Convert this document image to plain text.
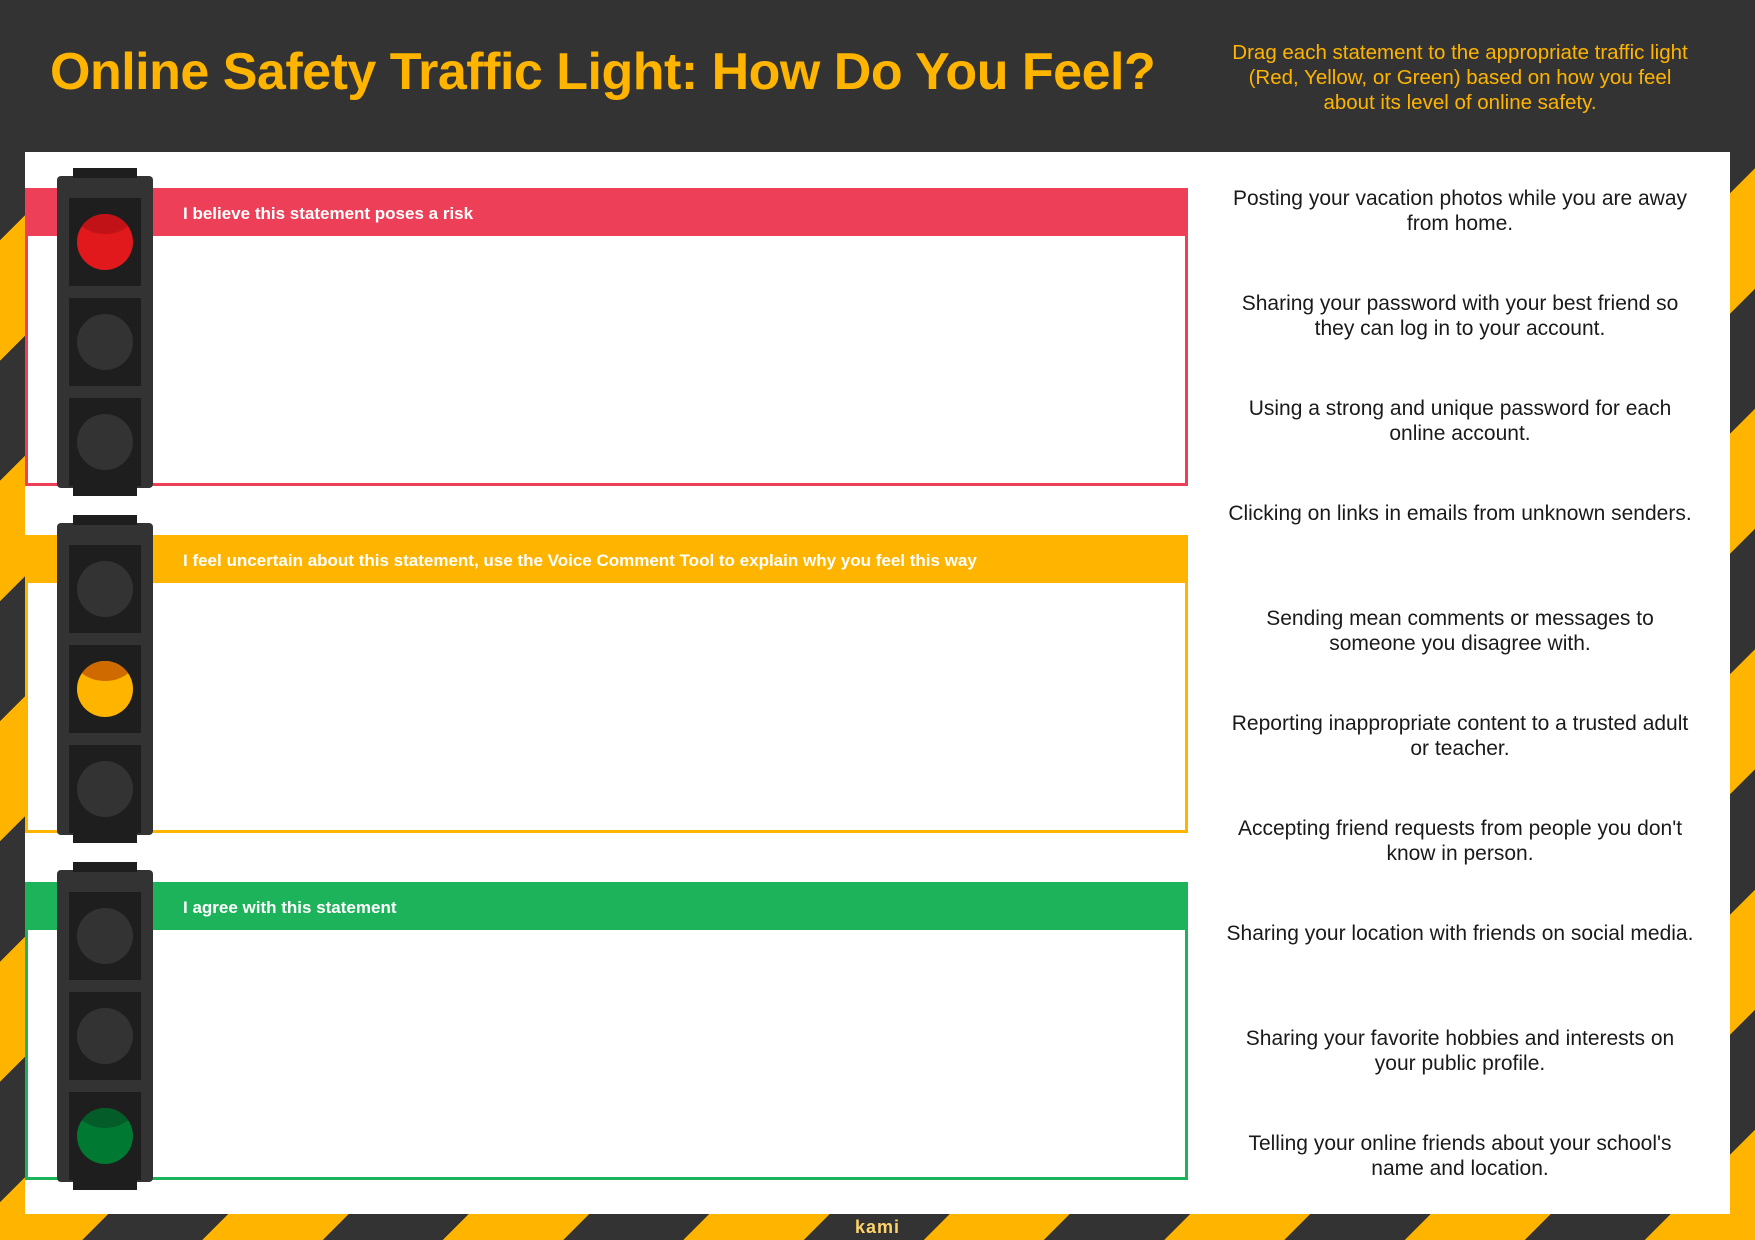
Online Safety Traffic Light: How Do You Feel?	Drag each statement to the appropriate traffic light (Red, Yellow, or Green) based on how you feel about its level of online safety.
I believe this statement poses a risk
I feel uncertain about this statement, use the Voice Comment Tool to explain why you feel this way
I agree with this statement
Posting your vacation photos while you are away from home.
Sharing your password with your best friend so they can log in to your account.
Using a strong and unique password for each online account.
Clicking on links in emails from unknown senders.
Sending mean comments or messages to someone you disagree with.
Reporting inappropriate content to a trusted adult or teacher.
Accepting friend requests from people you don't know in person.
Sharing your location with friends on social media.
Sharing your favorite hobbies and interests on your public profile.
Telling your online friends about your school's name and location.
kami
